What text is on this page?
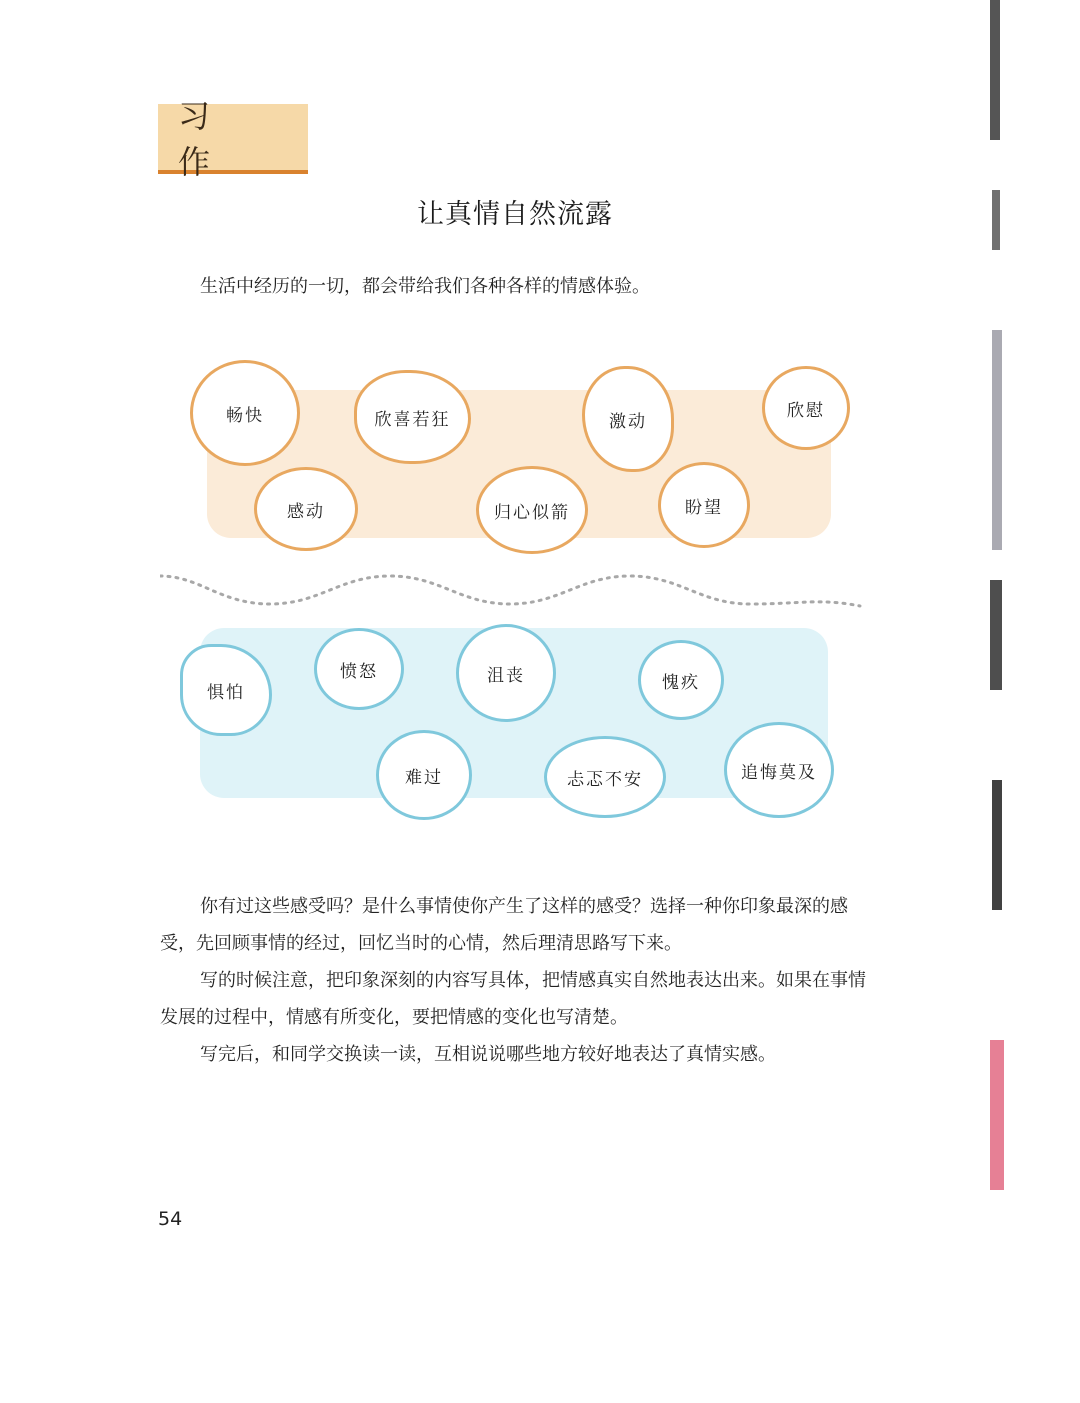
习 作
让真情自然流露
生活中经历的一切，都会带给我们各种各样的情感体验。
畅快	欣喜若狂	激动
欣慰
感动	归心似箭	盼望
惧怕
愤怒	沮丧	愧疚
难过	忐忑不安	追悔莫及

你有过这些感受吗？是什么事情使你产生了这样的感受？选择一种你印象最深的感受，先回顾事情的经过，回忆当时的心情，然后理清思路写下来。

写的时候注意，把印象深刻的内容写具体，把情感真实自然地表达出来。如果在事情发展的过程中，情感有所变化，要把情感的变化也写清楚。

写完后，和同学交换读一读，互相说说哪些地方较好地表达了真情实感。

54
